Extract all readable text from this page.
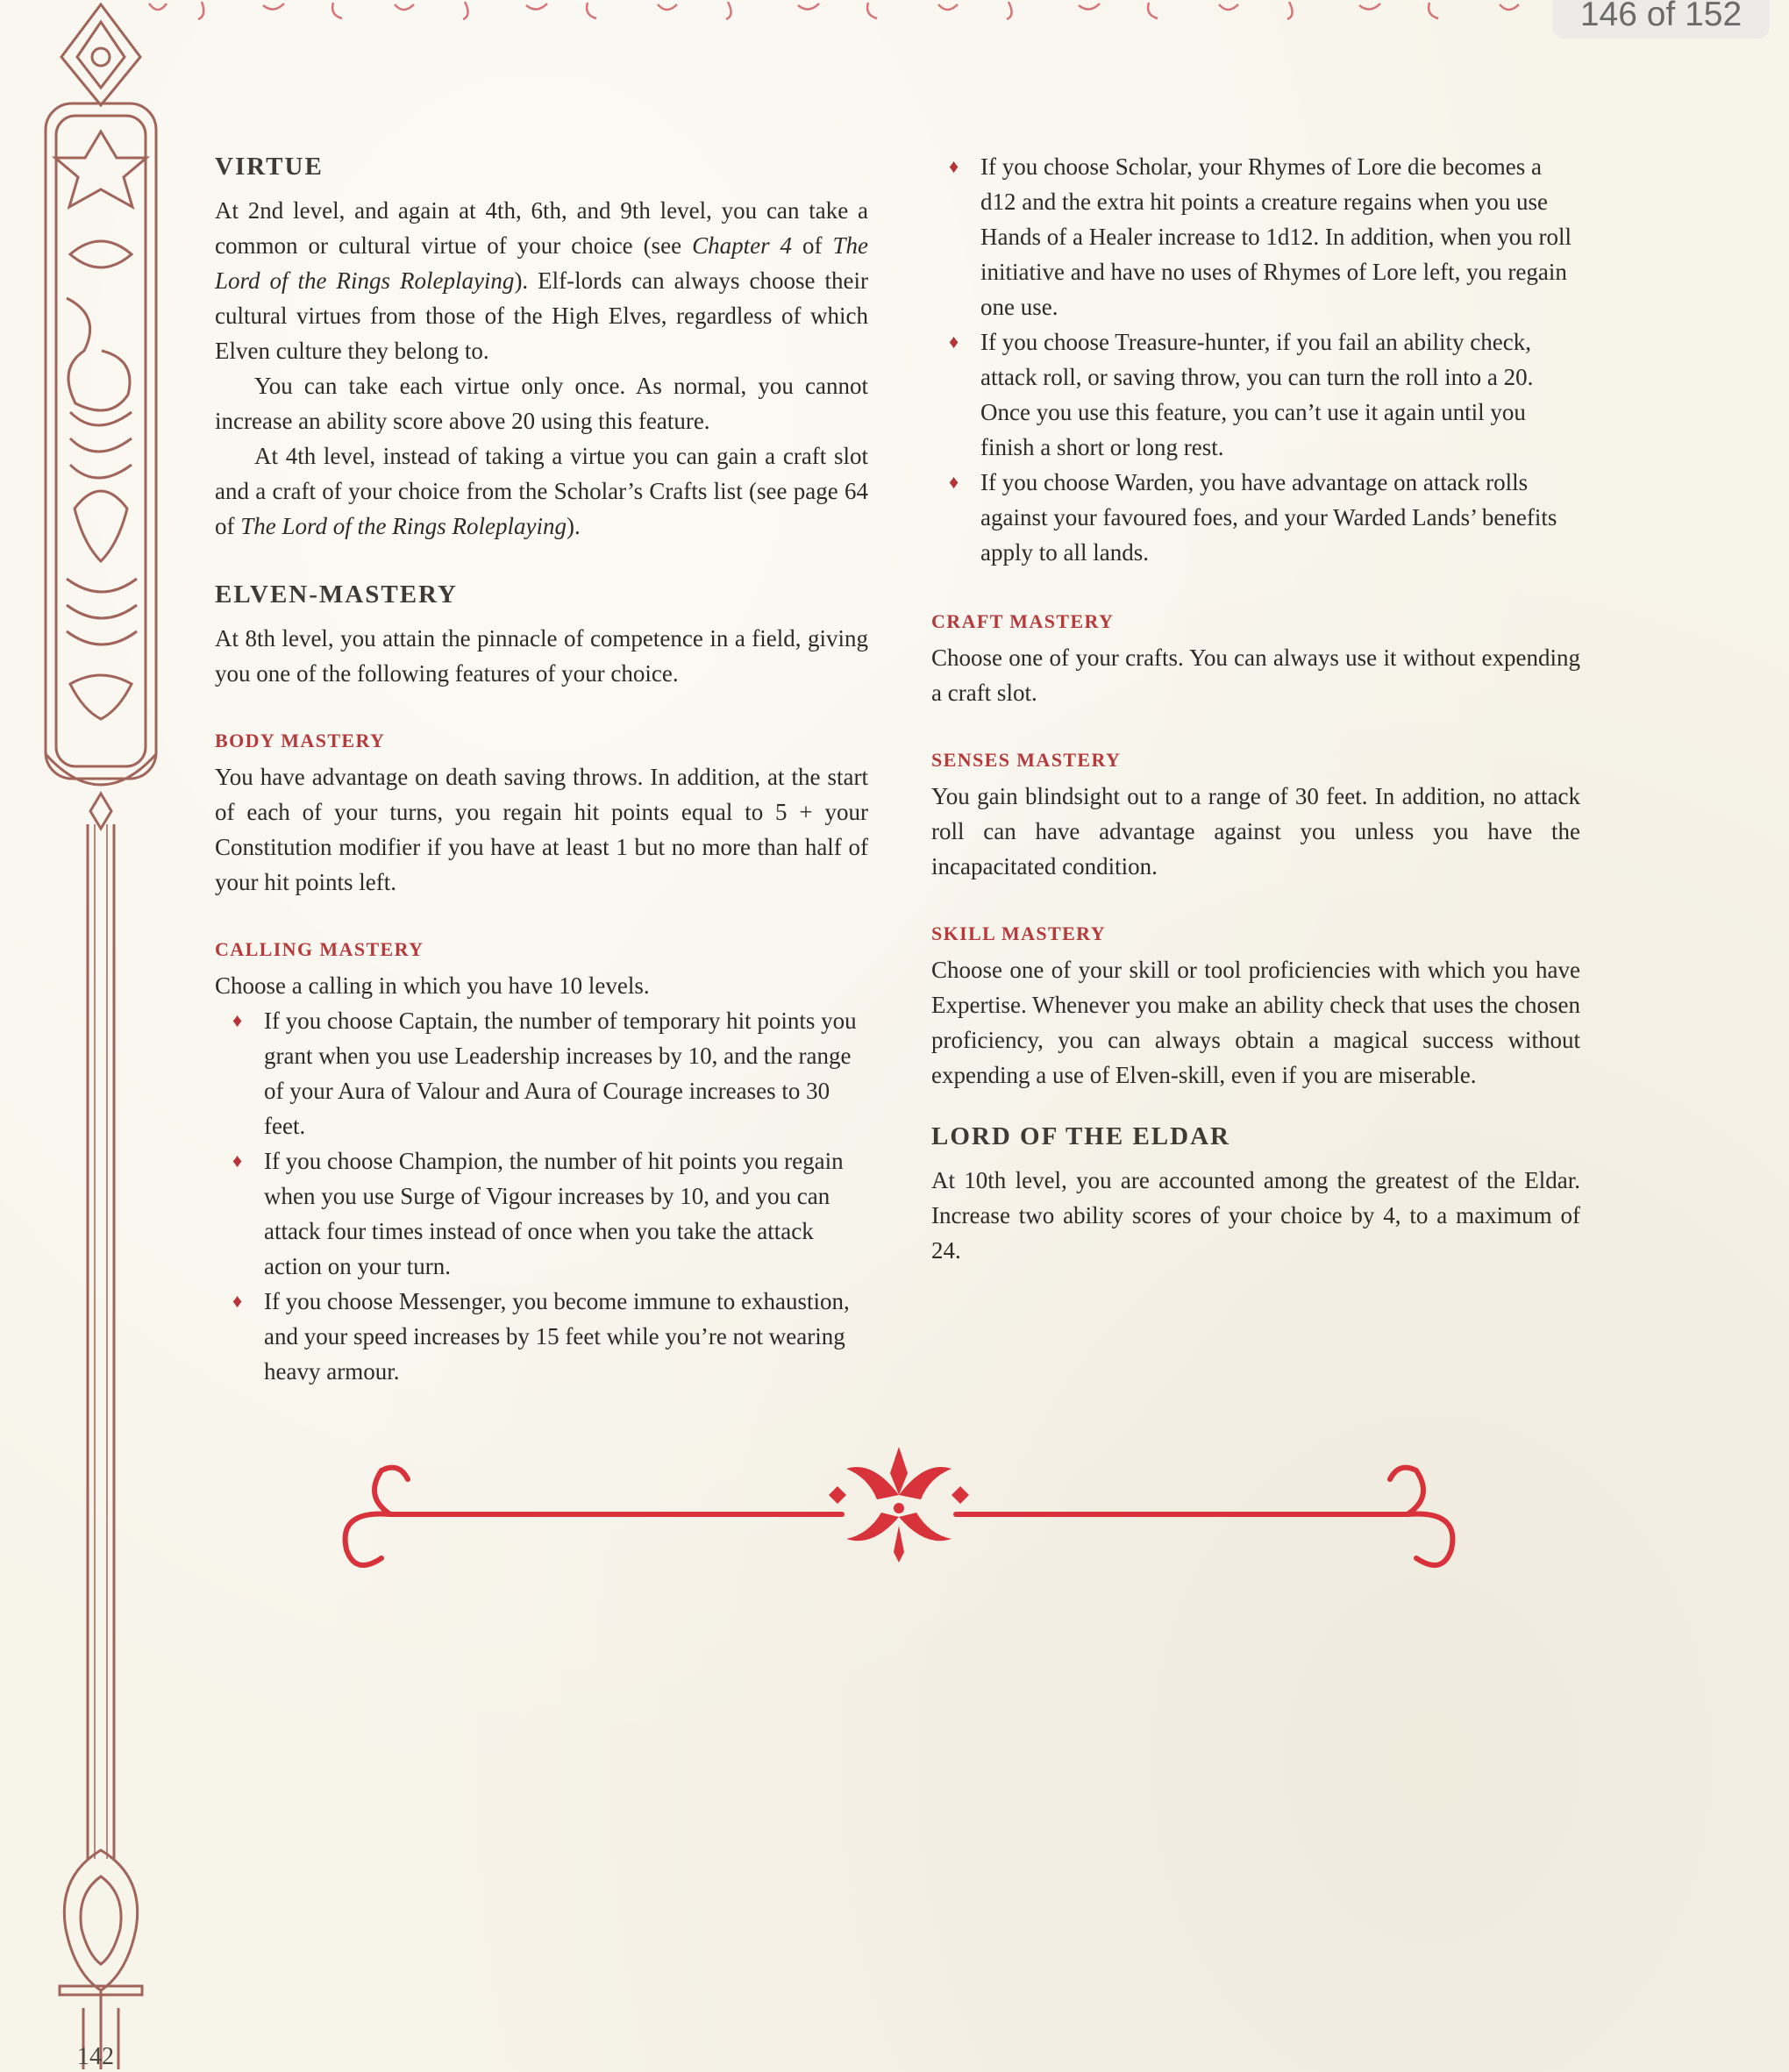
146 of 152
VIRTUE

At 2nd level, and again at 4th, 6th, and 9th level, you can take a common or cultural virtue of your choice (see Chapter 4 of The Lord of the Rings Roleplaying). Elf-lords can always choose their cultural virtues from those of the High Elves, regardless of which Elven culture they belong to.

You can take each virtue only once. As normal, you cannot increase an ability score above 20 using this feature.

At 4th level, instead of taking a virtue you can gain a craft slot and a craft of your choice from the Scholar’s Crafts list (see page 64 of The Lord of the Rings Roleplaying).

ELVEN-MASTERY

At 8th level, you attain the pinnacle of competence in a field, giving you one of the following features of your choice.

BODY MASTERY

You have advantage on death saving throws. In addition, at the start of each of your turns, you regain hit points equal to 5 + your Constitution modifier if you have at least 1 but no more than half of your hit points left.

CALLING MASTERY

Choose a calling in which you have 10 levels.

♦ If you choose Captain, the number of temporary hit points you grant when you use Leadership increases by 10, and the range of your Aura of Valour and Aura of Courage increases to 30 feet.
♦ If you choose Champion, the number of hit points you regain when you use Surge of Vigour increases by 10, and you can attack four times instead of once when you take the attack action on your turn.
♦ If you choose Messenger, you become immune to exhaustion, and your speed increases by 15 feet while you’re not wearing heavy armour.
♦ If you choose Scholar, your Rhymes of Lore die becomes a d12 and the extra hit points a creature regains when you use Hands of a Healer increase to 1d12. In addition, when you roll initiative and have no uses of Rhymes of Lore left, you regain one use.
♦ If you choose Treasure-hunter, if you fail an ability check, attack roll, or saving throw, you can turn the roll into a 20. Once you use this feature, you can’t use it again until you finish a short or long rest.
♦ If you choose Warden, you have advantage on attack rolls against your favoured foes, and your Warded Lands’ benefits apply to all lands.
CRAFT MASTERY

Choose one of your crafts. You can always use it without expending a craft slot.

SENSES MASTERY

You gain blindsight out to a range of 30 feet. In addition, no attack roll can have advantage against you unless you have the incapacitated condition.

SKILL MASTERY

Choose one of your skill or tool proficiencies with which you have Expertise. Whenever you make an ability check that uses the chosen proficiency, you can always obtain a magical success without expending a use of Elven-skill, even if you are miserable.

LORD OF THE ELDAR

At 10th level, you are accounted among the greatest of the Eldar. Increase two ability scores of your choice by 4, to a maximum of 24.

142
